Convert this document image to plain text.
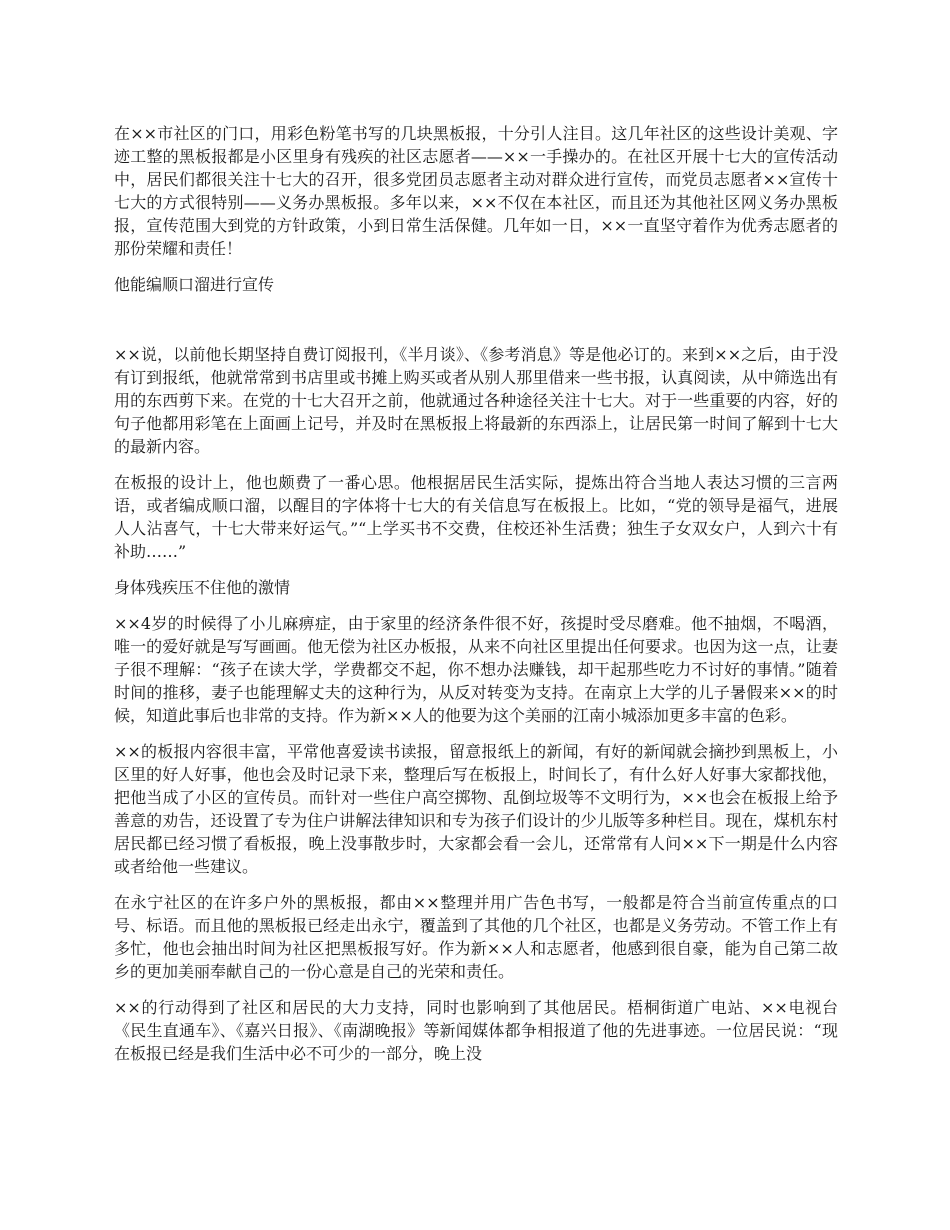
在××市社区的门口，用彩色粉笔书写的几块黑板报，十分引人注目。这几年社区的这些设计美观、字迹工整的黑板报都是小区里身有残疾的社区志愿者——××一手操办的。在社区开展十七大的宣传活动中，居民们都很关注十七大的召开，很多党团员志愿者主动对群众进行宣传，而党员志愿者××宣传十七大的方式很特别——义务办黑板报。多年以来，××不仅在本社区，而且还为其他社区网义务办黑板报，宣传范围大到党的方针政策，小到日常生活保健。几年如一日，××一直坚守着作为优秀志愿者的那份荣耀和责任！

他能编顺口溜进行宣传

××说，以前他长期坚持自费订阅报刊，《半月谈》、《参考消息》等是他必订的。来到××之后，由于没有订到报纸，他就常常到书店里或书摊上购买或者从别人那里借来一些书报，认真阅读，从中筛选出有用的东西剪下来。在党的十七大召开之前，他就通过各种途径关注十七大。对于一些重要的内容，好的句子他都用彩笔在上面画上记号，并及时在黑板报上将最新的东西添上，让居民第一时间了解到十七大的最新内容。

在板报的设计上，他也颇费了一番心思。他根据居民生活实际，提炼出符合当地人表达习惯的三言两语，或者编成顺口溜，以醒目的字体将十七大的有关信息写在板报上。比如，“党的领导是福气，进展人人沾喜气，十七大带来好运气。”“上学买书不交费，住校还补生活费；独生子女双女户，人到六十有补助……”

身体残疾压不住他的激情

××4岁的时候得了小儿麻痹症，由于家里的经济条件很不好，孩提时受尽磨难。他不抽烟，不喝酒，唯一的爱好就是写写画画。他无偿为社区办板报，从来不向社区里提出任何要求。也因为这一点，让妻子很不理解：“孩子在读大学，学费都交不起，你不想办法赚钱，却干起那些吃力不讨好的事情。”随着时间的推移，妻子也能理解丈夫的这种行为，从反对转变为支持。在南京上大学的儿子暑假来××的时候，知道此事后也非常的支持。作为新××人的他要为这个美丽的江南小城添加更多丰富的色彩。

××的板报内容很丰富，平常他喜爱读书读报，留意报纸上的新闻，有好的新闻就会摘抄到黑板上，小区里的好人好事，他也会及时记录下来，整理后写在板报上，时间长了，有什么好人好事大家都找他，把他当成了小区的宣传员。而针对一些住户高空掷物、乱倒垃圾等不文明行为，××也会在板报上给予善意的劝告，还设置了专为住户讲解法律知识和专为孩子们设计的少儿版等多种栏目。现在，煤机东村居民都已经习惯了看板报，晚上没事散步时，大家都会看一会儿，还常常有人问××下一期是什么内容或者给他一些建议。

在永宁社区的在许多户外的黑板报，都由××整理并用广告色书写，一般都是符合当前宣传重点的口号、标语。而且他的黑板报已经走出永宁，覆盖到了其他的几个社区，也都是义务劳动。不管工作上有多忙，他也会抽出时间为社区把黑板报写好。作为新××人和志愿者，他感到很自豪，能为自己第二故乡的更加美丽奉献自己的一份心意是自己的光荣和责任。

××的行动得到了社区和居民的大力支持，同时也影响到了其他居民。梧桐街道广电站、××电视台《民生直通车》、《嘉兴日报》、《南湖晚报》等新闻媒体都争相报道了他的先进事迹。一位居民说：“现在板报已经是我们生活中必不可少的一部分，晚上没
